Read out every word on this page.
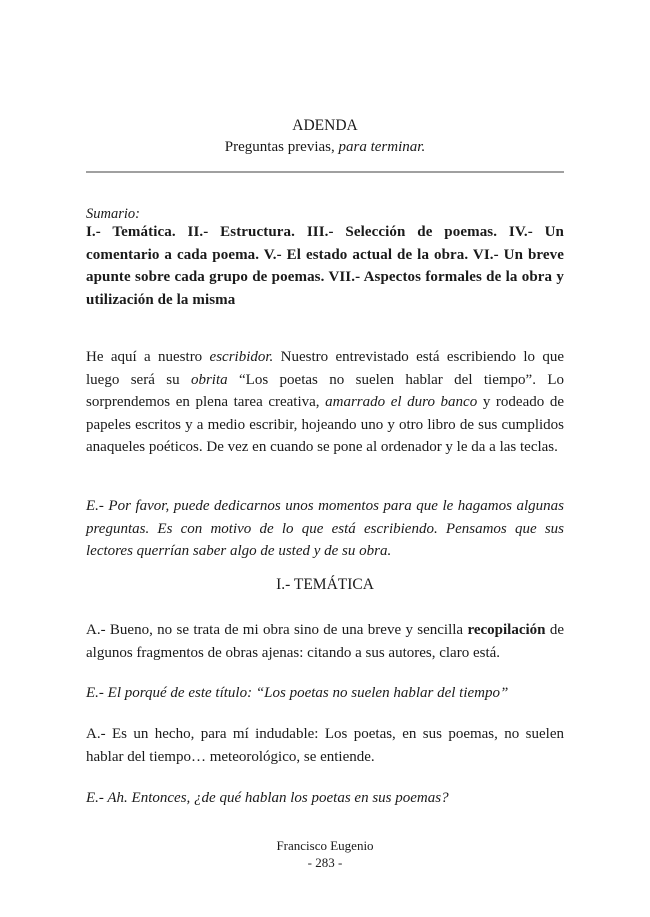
ADENDA
Preguntas previas, para terminar.
Sumario:
I.- Temática. II.- Estructura. III.- Selección de poemas. IV.- Un comentario a cada poema. V.- El estado actual de la obra. VI.- Un breve apunte sobre cada grupo de poemas. VII.- Aspectos formales de la obra y utilización de la misma
He aquí a nuestro escribidor. Nuestro entrevistado está escribiendo lo que luego será su obrita “Los poetas no suelen hablar del tiempo”. Lo sorprendemos en plena tarea creativa, amarrado el duro banco y rodeado de papeles escritos y a medio escribir, hojeando uno y otro libro de sus cumplidos anaqueles poéticos. De vez en cuando se pone al ordenador y le da a las teclas.
E.- Por favor, puede dedicarnos unos momentos para que le hagamos algunas preguntas. Es con motivo de lo que está escribiendo. Pensamos que sus lectores querrían saber algo de usted y de su obra.
I.- TEMÁTICA
A.- Bueno, no se trata de mi obra sino de una breve y sencilla recopilación de algunos fragmentos de obras ajenas: citando a sus autores, claro está.
E.- El porqué de este título: “Los poetas no suelen hablar del tiempo”
A.- Es un hecho, para mí indudable: Los poetas, en sus poemas, no suelen hablar del tiempo… meteorológico, se entiende.
E.- Ah. Entonces, ¿de qué hablan los poetas en sus poemas?
Francisco Eugenio
- 283 -
